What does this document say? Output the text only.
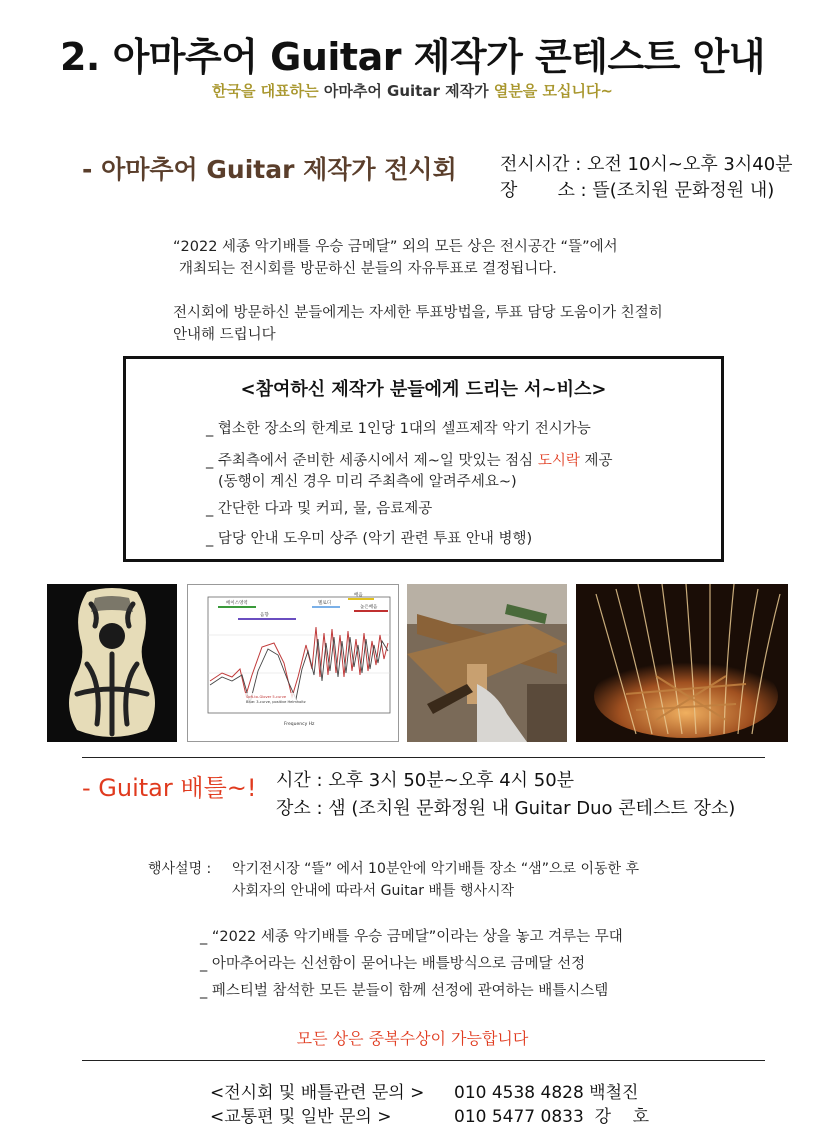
2. 아마추어 Guitar 제작가 콘테스트 안내
한국을 대표하는 아마추어 Guitar 제작가 열분을 모십니다~
- 아마추어 Guitar 제작가 전시회 전시시간 : 오전 10시~오후 3시40분
장       소 : 뜰(조치원 문화정원 내)
“2022 세종 악기배틀 우승 금메달” 외의 모든 상은 전시공간 “뜰”에서
개최되는 전시회를 방문하신 분들의 자유투표로 결정됩니다.
전시회에 방문하신 분들에게는 자세한 투표방법을, 투표 담당 도움이가 친절히
안내해 드립니다
<참여하신 제작가 분들에게 드리는 서~비스>
_ 협소한 장소의 한계로 1인당 1대의 셀프제작 악기 전시가능
_ 주최측에서 준비한 세종시에서 제~일 맛있는 점심 도시락 제공
(동행이 계신 경우 미리 주최측에 알려주세요~)
_ 간단한 다과 및 커피, 물, 음료제공
_ 담당 안내 도우미 상주 (악기 관련 투표 안내 병행)
베이스영역
음향
멜로디
배음
높은배음
Soft-to-Glover 5-curve
Blue: 3-curve, positive Helmholtz
Frequency Hz
- Guitar 배틀~! 시간 : 오후 3시 50분~오후 4시 50분
장소 : 샘 (조치원 문화정원 내 Guitar Duo 콘테스트 장소)
행사설명 : 악기전시장 “뜰” 에서 10분안에 악기배틀 장소 “샘”으로 이동한 후
사회자의 안내에 따라서 Guitar 배틀 행사시작
_ “2022 세종 악기배틀 우승 금메달”이라는 상을 놓고 겨루는 무대
_ 아마추어라는 신선함이 묻어나는 배틀방식으로 금메달 선정
_ 페스티벌 참석한 모든 분들이 함께 선정에 관여하는 배틀시스템
모든 상은 중복수상이 가능합니다
<전시회 및 배틀관련 문의 > 010 4538 4828 백철진
<교통편 및 일반 문의 >	010 5477 0833  강    호
